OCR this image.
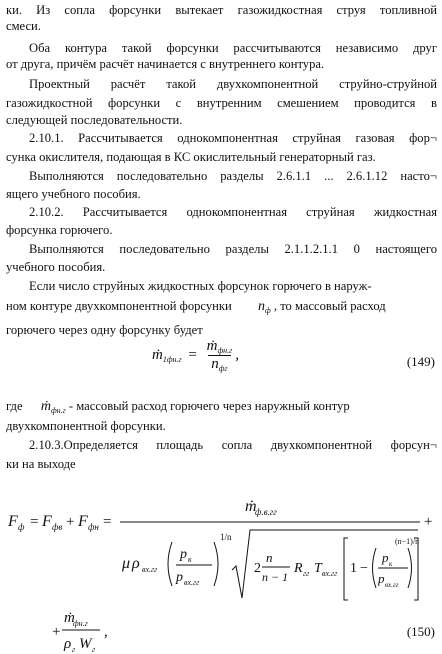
ки. Из сопла форсунки вытекает газожидкостная струя топливной
смеси.
Оба контура такой форсунки рассчитываются независимо друг
от друга, причём расчёт начинается с внутреннего контура.
Проектный расчёт такой двухкомпонентной струйно-струйной
газожидкостной форсунки с внутренним смешением проводится в
следующей последовательности.
2.10.1. Рассчитывается однокомпонентная струйная газовая фор¬
сунка окислителя, подающая в КС окислительный генераторный газ.
Выполняются последовательно разделы 2.6.1.1 ... 2.6.1.12 насто¬
ящего учебного пособия.
2.10.2. Рассчитывается однокомпонентная струйная жидкостная
форсунка горючего.
Выполняются последовательно разделы 2.1.1.2.1.1 0 настоящего
учебного пособия.
Если число струйных жидкостных форсунок горючего в наруж-
ном контуре двухкомпонентной форсунки $n_ф$ , то массовый расход
горючего через одну форсунку будет
ṁ$_{1фн.г}$ = $\frac{ṁ_{фн.г}}{n_{фг}}$ ,	(149)
где ṁ$_{фн.г}$ - массовый расход горючего через наружный контур
двухкомпонентной форсунки.
2.10.3.Определяется площадь сопла двухкомпонентной форсун¬
ки на выходе
F ф = F фв + F фн =
ṁ
ф.в.гг
+
μ ρ вх.гг
p к
p вх.гг
1/n
2
n
n − 1
R гг T вх.гг 1 −
p к
p вх.гг
(n−1)/n
+
ṁ
фн.г
ρ г W г
,	(150)
